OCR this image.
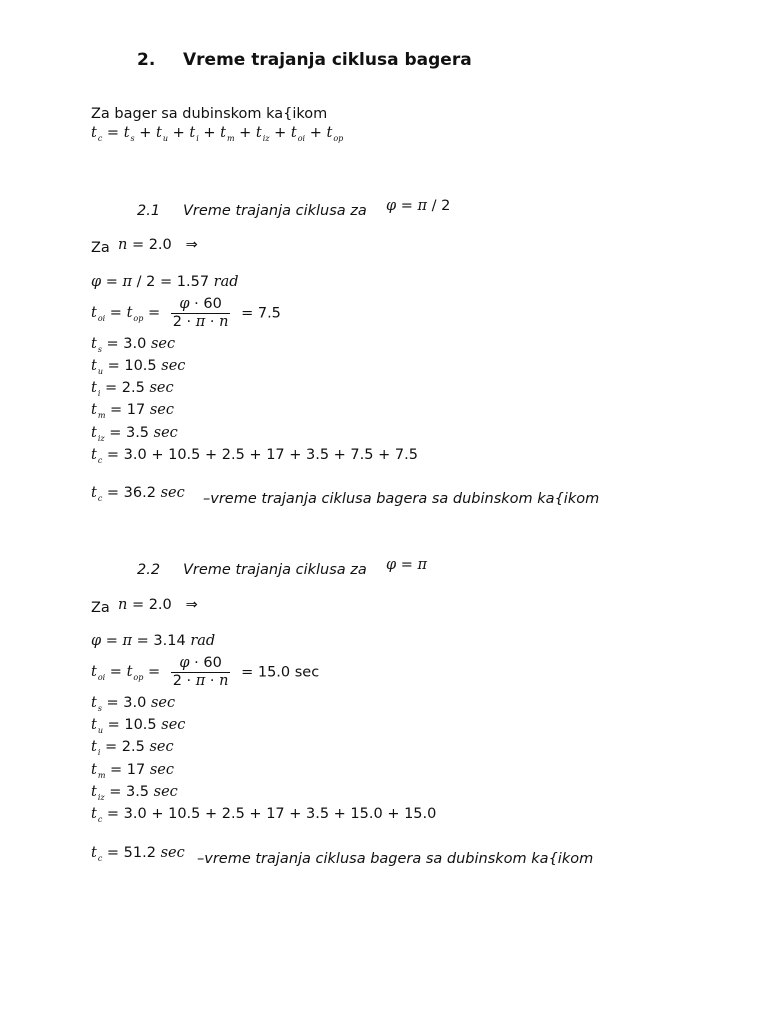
2. Vreme trajanja ciklusa bagera
Za bager sa dubinskom ka{ikom
$t_c = t_s + t_u + t_i + t_m + t_{iz} + t_{oi} + t_{op}$
2.1 Vreme trajanja ciklusa za φ = π / 2
Za n = 2.0   ⇒
φ = π / 2 = 1.57 rad
$t_{oi} = t_{op} = \frac{\varphi \cdot 60}{2 \cdot \pi \cdot n} = 7.5$
$t_s = 3.0$ sec
$t_u = 10.5$ sec
$t_i = 2.5$ sec
$t_m = 17$ sec
$t_{iz} = 3.5$ sec
$t_c = 3.0 + 10.5 + 2.5 + 17 + 3.5 + 7.5 + 7.5$
$t_c = 36.2$ sec –vreme trajanja ciklusa bagera sa dubinskom ka{ikom
2.2 Vreme trajanja ciklusa za φ = π
Za n = 2.0   ⇒
φ = π = 3.14 rad
$t_{oi} = t_{op} = \frac{\varphi \cdot 60}{2 \cdot \pi \cdot n} = 15.0$ sec
$t_s = 3.0$ sec
$t_u = 10.5$ sec
$t_i = 2.5$ sec
$t_m = 17$ sec
$t_{iz} = 3.5$ sec
$t_c = 3.0 + 10.5 + 2.5 + 17 + 3.5 + 15.0 + 15.0$
$t_c = 51.2$ sec –vreme trajanja ciklusa bagera sa dubinskom ka{ikom
